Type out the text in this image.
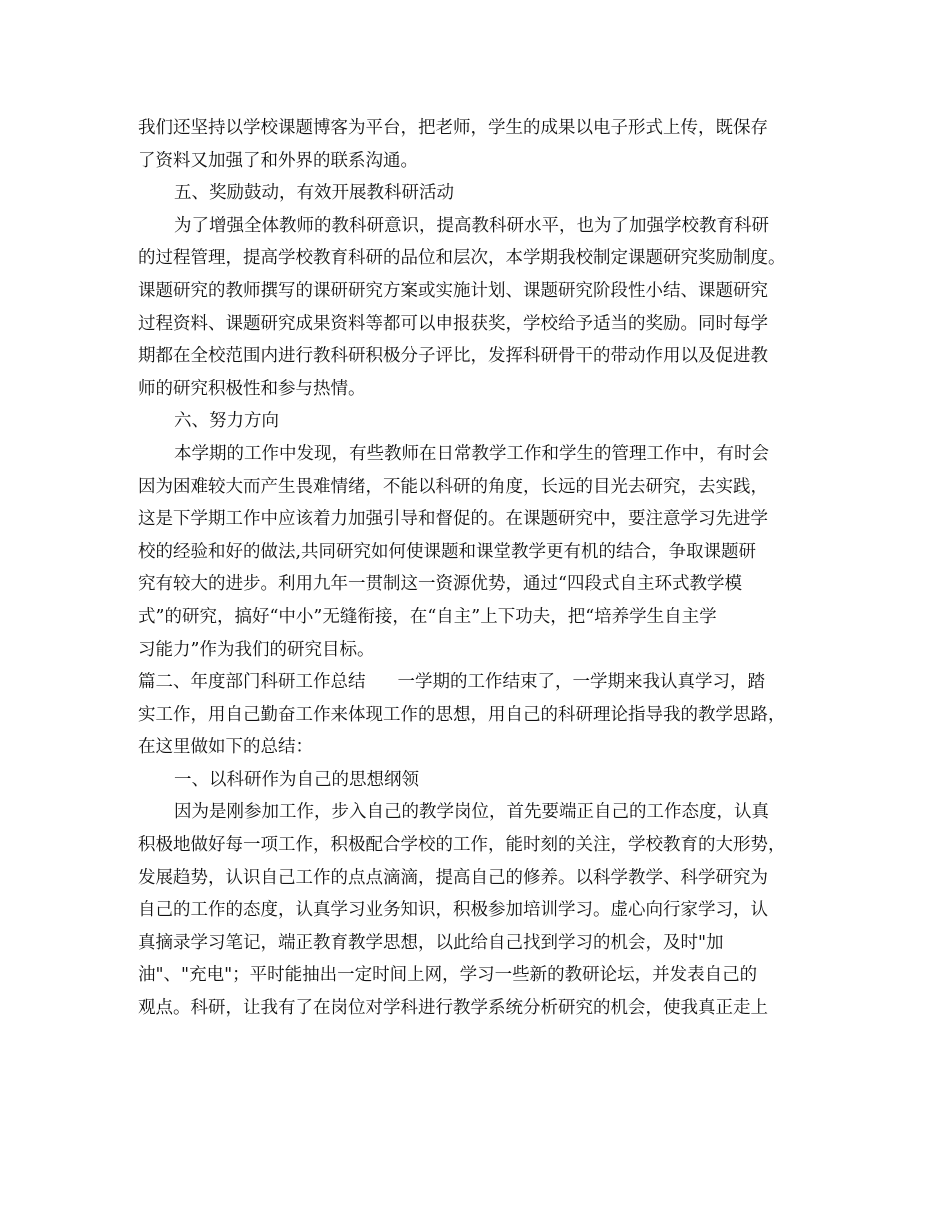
我们还坚持以学校课题博客为平台，把老师，学生的成果以电子形式上传，既保存
了资料又加强了和外界的联系沟通。
五、奖励鼓动，有效开展教科研活动
为了增强全体教师的教科研意识，提高教科研水平，也为了加强学校教育科研
的过程管理，提高学校教育科研的品位和层次，本学期我校制定课题研究奖励制度。
课题研究的教师撰写的课研研究方案或实施计划、课题研究阶段性小结、课题研究
过程资料、课题研究成果资料等都可以申报获奖，学校给予适当的奖励。同时每学
期都在全校范围内进行教科研积极分子评比，发挥科研骨干的带动作用以及促进教
师的研究积极性和参与热情。
六、努力方向
本学期的工作中发现，有些教师在日常教学工作和学生的管理工作中，有时会
因为困难较大而产生畏难情绪，不能以科研的角度，长远的目光去研究，去实践，
这是下学期工作中应该着力加强引导和督促的。在课题研究中，要注意学习先进学
校的经验和好的做法,共同研究如何使课题和课堂教学更有机的结合，争取课题研
究有较大的进步。利用九年一贯制这一资源优势，通过“四段式自主环式教学模
式”的研究，搞好“中小”无缝衔接，在“自主”上下功夫，把“培养学生自主学
习能力”作为我们的研究目标。
篇二、年度部门科研工作总结 一学期的工作结束了，一学期来我认真学习，踏
实工作，用自己勤奋工作来体现工作的思想，用自己的科研理论指导我的教学思路，
在这里做如下的总结：
一、以科研作为自己的思想纲领
因为是刚参加工作，步入自己的教学岗位，首先要端正自己的工作态度，认真
积极地做好每一项工作，积极配合学校的工作，能时刻的关注，学校教育的大形势，
发展趋势，认识自己工作的点点滴滴，提高自己的修养。以科学教学、科学研究为
自己的工作的态度，认真学习业务知识，积极参加培训学习。虚心向行家学习，认
真摘录学习笔记，端正教育教学思想，以此给自己找到学习的机会，及时"加
油"、"充电"；平时能抽出一定时间上网，学习一些新的教研论坛，并发表自己的
观点。科研，让我有了在岗位对学科进行教学系统分析研究的机会，使我真正走上
